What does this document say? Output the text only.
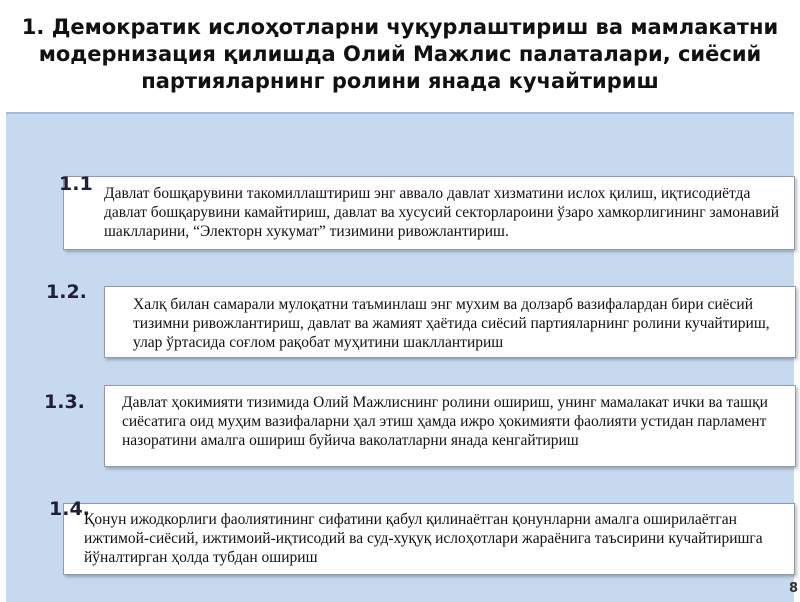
1. Демократик ислоҳотларни чуқурлаштириш ва мамлакатни модернизация қилишда Олий Мажлис палаталари, сиёсий партияларнинг ролини янада кучайтириш
Давлат бошқарувини такомиллаштириш энг аввало давлат хизматини ислох қилиш, иқтисодиётда давлат бошқарувини камайтириш, давлат ва хусусий секторлароини ўзаро хамкорлигининг замонавий шаклларини, “Электорн хукумат” тизимини ривожлантириш.
1.1
Халқ билан самарали мулоқатни таъминлаш энг мухим ва долзарб вазифалардан бири сиёсий тизимни ривожлантириш, давлат ва жамият ҳаётида сиёсий партияларнинг ролини кучайтириш, улар ўртасида соғлом рақобат муҳитини шакллантириш
1.2.
Давлат ҳокимияти тизимида Олий Мажлиснинг ролини ошириш, унинг мамалакат ички ва ташқи сиёсатига оид муҳим вазифаларни ҳал этиш ҳамда ижро ҳокимияти фаолияти устидан парламент назоратини амалга ошириш буйича ваколатларни янада кенгайтириш
1.3.
Қонун ижодкорлиги фаолиятининг сифатини қабул қилинаётган қонунларни амалга оширилаётган ижтимой-сиёсий, ижтимоий-иқтисодий ва суд-хуқуқ ислоҳотлари жараёнига таъсирини кучайтиришга йўналтирган ҳолда тубдан ошириш
1.4.
8
